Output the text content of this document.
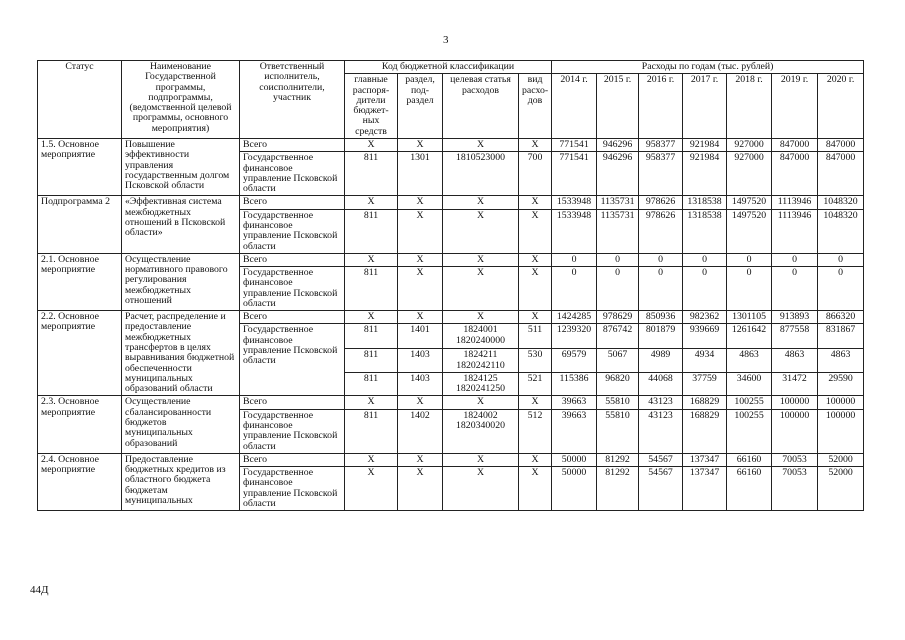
3
Статус	Наименование Государственной программы, подпрограммы, (ведомственной целевой программы, основного мероприятия)	Ответственный исполнитель, соисполнители, участник	Код бюджетной классификации				Расходы по годам (тыс. рублей)						
			главные распоря-дители бюджет-ных средств	раздел, под-раздел	целевая статья расходов	вид расхо-дов	2014 г.	2015 г.	2016 г.	2017 г.	2018 г.	2019 г.	2020 г.
1.5. Основное мероприятие	Повышение эффективности управления государственным долгом Псковской области	Всего	X	X	X	X	771541	946296	958377	921984	927000	847000	847000
		Государственное финансовое управление Псковской области	811	1301	1810523000	700	771541	946296	958377	921984	927000	847000	847000
Подпрограмма 2	«Эффективная система межбюджетных отношений в Псковской области»	Всего	X	X	X	X	1533948	1135731	978626	1318538	1497520	1113946	1048320
		Государственное финансовое управление Псковской области	811	X	X	X	1533948	1135731	978626	1318538	1497520	1113946	1048320
2.1. Основное мероприятие	Осуществление нормативного правового регулирования межбюджетных отношений	Всего	X	X	X	X	0	0	0	0	0	0	0
		Государственное финансовое управление Псковской области	811	X	X	X	0	0	0	0	0	0	0
2.2. Основное мероприятие	Расчет, распределение и предоставление межбюджетных трансфертов в целях выравнивания бюджетной обеспеченности муниципальных образований области	Всего	X	X	X	X	1424285	978629	850936	982362	1301105	913893	866320
		Государственное финансовое управление Псковской области	811	1401	1824001
1820240000	511	1239320	876742	801879	939669	1261642	877558	831867
			811	1403	1824211
1820242110	530	69579	5067	4989	4934	4863	4863	4863
			811	1403	1824125
1820241250	521	115386	96820	44068	37759	34600	31472	29590
2.3. Основное мероприятие	Осуществление сбалансированности бюджетов муниципальных образований	Всего	X	X	X	X	39663	55810	43123	168829	100255	100000	100000
		Государственное финансовое управление Псковской области	811	1402	1824002
1820340020	512	39663	55810	43123	168829	100255	100000	100000
2.4. Основное мероприятие	Предоставление бюджетных кредитов из областного бюджета бюджетам муниципальных	Всего	X	X	X	X	50000	81292	54567	137347	66160	70053	52000
		Государственное финансовое управление Псковской области	X	X	X	X	50000	81292	54567	137347	66160	70053	52000
44Д
